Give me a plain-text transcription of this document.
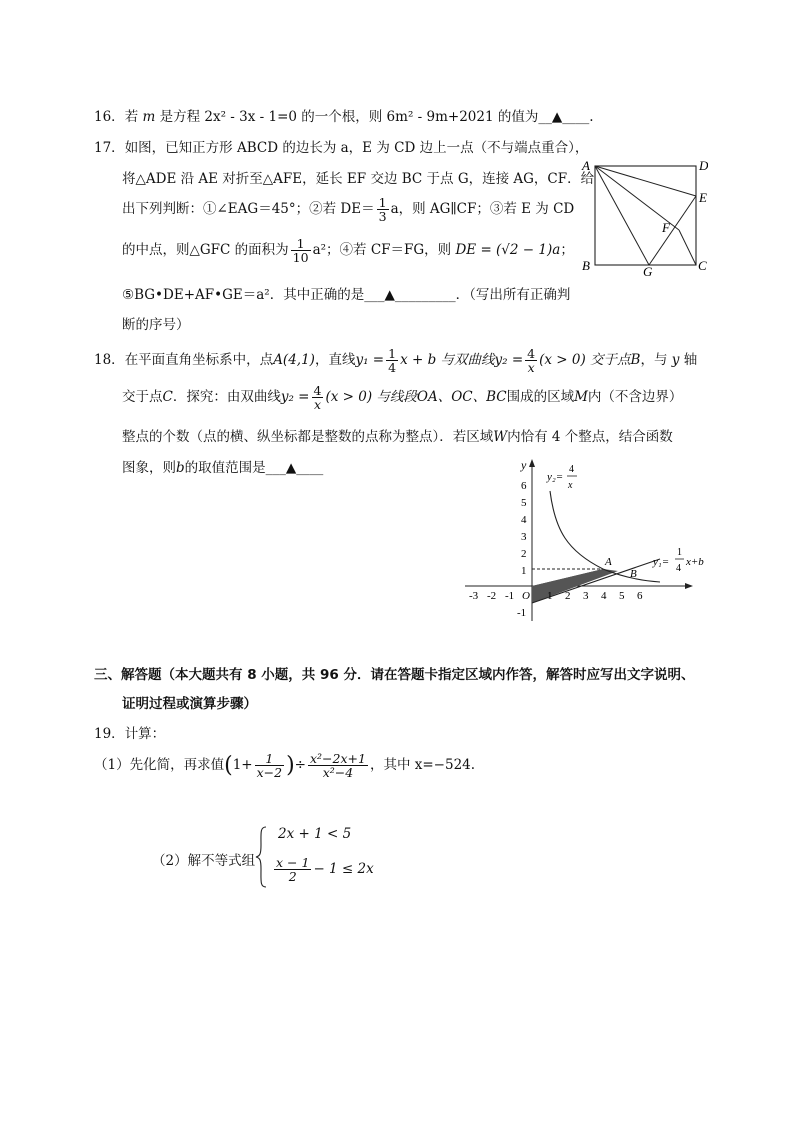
16．若 m 是方程 2x² - 3x - 1=0 的一个根，则 6m² - 9m+2021 的值为__▲____.
17．如图，已知正方形 ABCD 的边长为 a，E 为 CD 边上一点（不与端点重合），
将△ADE 沿 AE 对折至△AFE，延长 EF 交边 BC 于点 G，连接 AG，CF．给
出下列判断：①∠EAG＝45°；②若 $DE= \frac{1}{3}$ a，则 AG∥CF；③若 E 为 CD
的中点，则△GFC 的面积为 $\frac{1}{10} a^2$；④若 CF＝FG，则 DE = (√2 − 1)a；
⑤BG•DE+AF•GE＝a²．其中正确的是___▲_________．（写出所有正确判
断的序号）
A	D
E
F
B	G	C
18．在平面直角坐标系中，点A(4,1)，直线$y_1 = \frac{1}{4}$ x + b 与双曲线$y_2 = \frac{4}{x} (x > 0)$ 交于点B，与 y 轴
交于点C．探究：由双曲线$y_2 = \frac{4}{x} (x > 0)$ 与线段OA、OC、BC围成的区域M内（不含边界）
整点的个数（点的横、纵坐标都是整数的点称为整点）．若区域W内恰有 4 个整点，结合函数
图象，则b的取值范围是___▲____	y
6
5
4
3
2
1
-1
-3 -2 -1 O 1 2 3 4 5 6
A
B
y₂=
4
x
y₁=
1
4
x+b
三、解答题（本大题共有 8 小题，共 96 分．请在答题卡指定区域内作答，解答时应写出文字说明、
证明过程或演算步骤）
19．计算：
（1）先化简，再求值($1+ \frac{1}{x-2}$ )÷ $\frac{\text{x²−2x+1}}{\text{x²−4}}$ ，其中 x=−524.
（2）解不等式组
2x + 1 < 5
$\frac{x - 1}{2} - 1 \le 2x$
